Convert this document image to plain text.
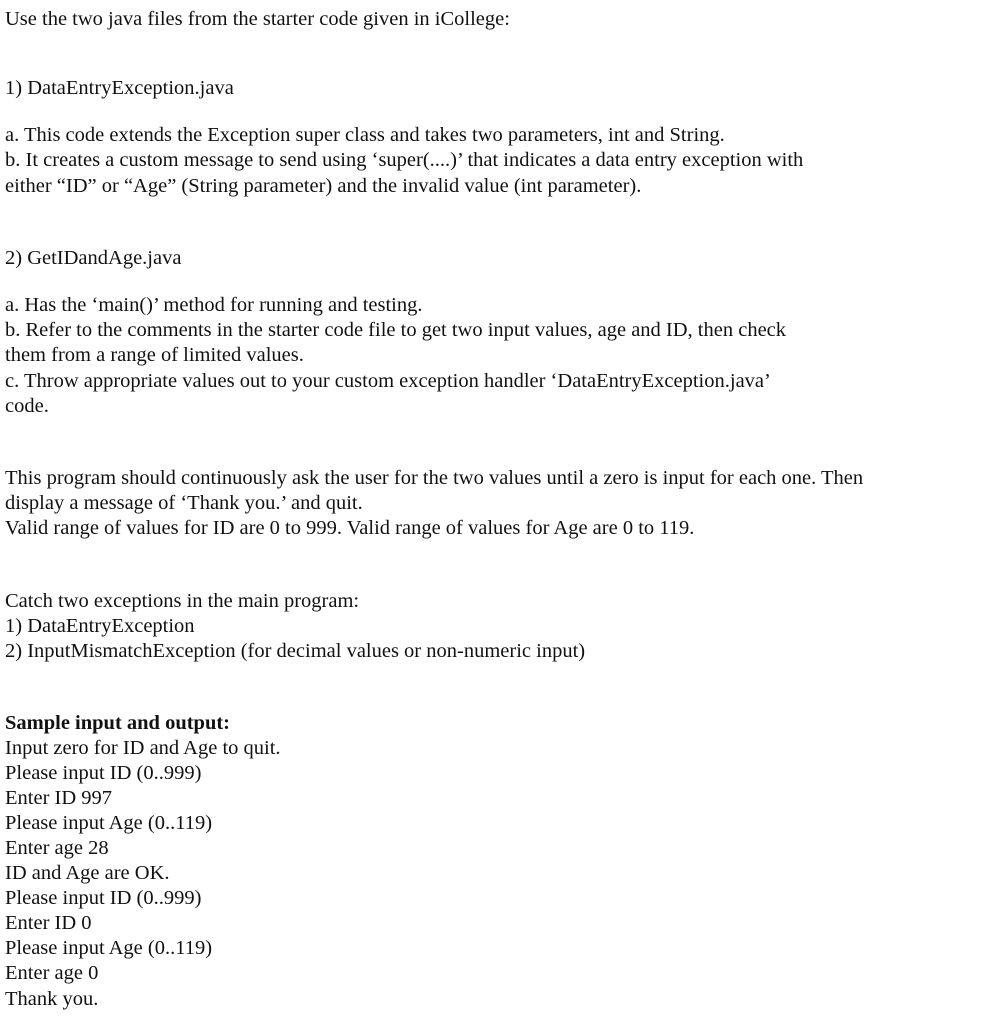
Use the two java files from the starter code given in iCollege:
1) DataEntryException.java
a. This code extends the Exception super class and takes two parameters, int and String.
b. It creates a custom message to send using ‘super(....)’ that indicates a data entry exception with
either “ID” or “Age” (String parameter) and the invalid value (int parameter).
2) GetIDandAge.java
a. Has the ‘main()’ method for running and testing.
b. Refer to the comments in the starter code file to get two input values, age and ID, then check
them from a range of limited values.
c. Throw appropriate values out to your custom exception handler ‘DataEntryException.java’
code.
This program should continuously ask the user for the two values until a zero is input for each one. Then
display a message of ‘Thank you.’ and quit.
Valid range of values for ID are 0 to 999. Valid range of values for Age are 0 to 119.
Catch two exceptions in the main program:
1) DataEntryException
2) InputMismatchException (for decimal values or non-numeric input)
Sample input and output:
Input zero for ID and Age to quit.
Please input ID (0..999)
Enter ID 997
Please input Age (0..119)
Enter age 28
ID and Age are OK.
Please input ID (0..999)
Enter ID 0
Please input Age (0..119)
Enter age 0
Thank you.
